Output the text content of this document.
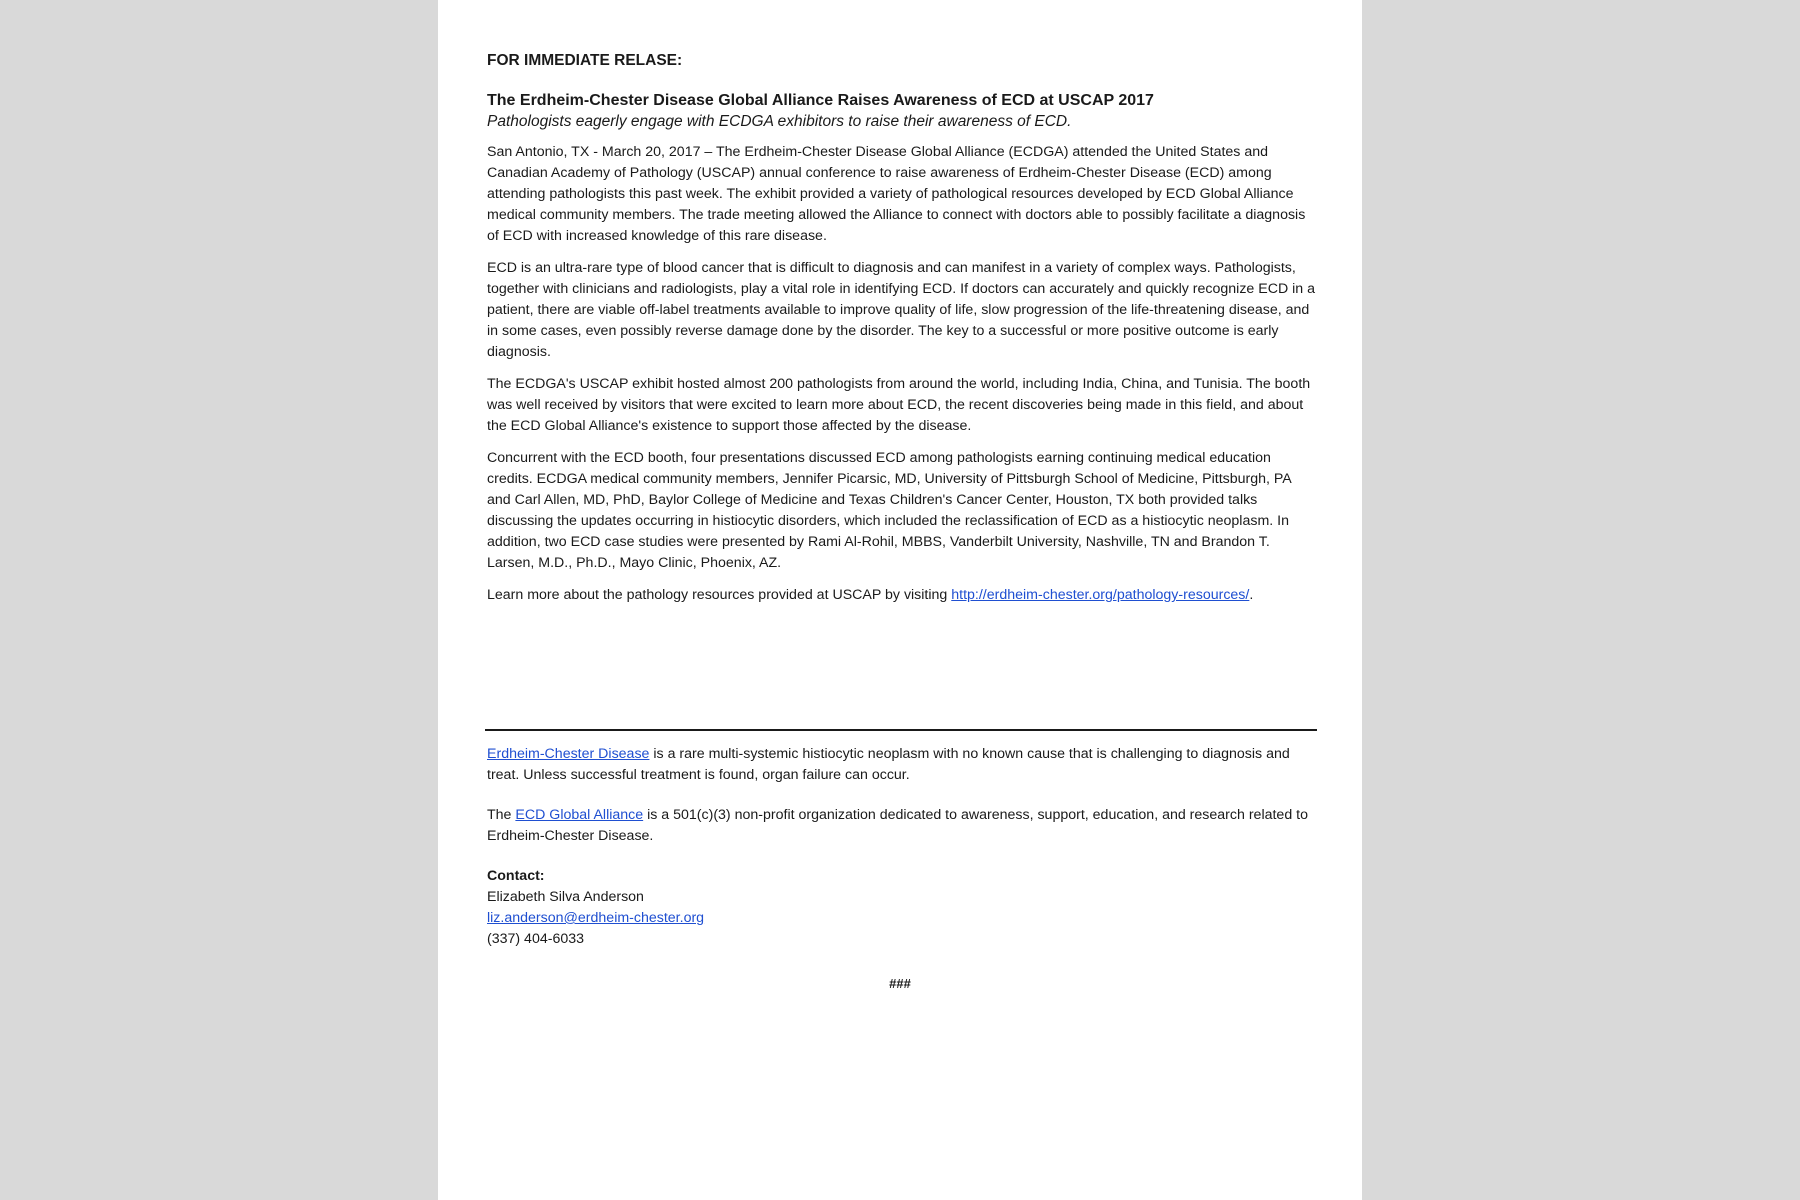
FOR IMMEDIATE RELASE:

The Erdheim-Chester Disease Global Alliance Raises Awareness of ECD at USCAP 2017

Pathologists eagerly engage with ECDGA exhibitors to raise their awareness of ECD.

San Antonio, TX - March 20, 2017 – The Erdheim-Chester Disease Global Alliance (ECDGA) attended the United States and Canadian Academy of Pathology (USCAP) annual conference to raise awareness of Erdheim-Chester Disease (ECD) among attending pathologists this past week. The exhibit provided a variety of pathological resources developed by ECD Global Alliance medical community members. The trade meeting allowed the Alliance to connect with doctors able to possibly facilitate a diagnosis of ECD with increased knowledge of this rare disease.

ECD is an ultra-rare type of blood cancer that is difficult to diagnosis and can manifest in a variety of complex ways. Pathologists, together with clinicians and radiologists, play a vital role in identifying ECD. If doctors can accurately and quickly recognize ECD in a patient, there are viable off-label treatments available to improve quality of life, slow progression of the life-threatening disease, and in some cases, even possibly reverse damage done by the disorder. The key to a successful or more positive outcome is early diagnosis.

The ECDGA's USCAP exhibit hosted almost 200 pathologists from around the world, including India, China, and Tunisia. The booth was well received by visitors that were excited to learn more about ECD, the recent discoveries being made in this field, and about the ECD Global Alliance's existence to support those affected by the disease.

Concurrent with the ECD booth, four presentations discussed ECD among pathologists earning continuing medical education credits. ECDGA medical community members, Jennifer Picarsic, MD, University of Pittsburgh School of Medicine, Pittsburgh, PA and Carl Allen, MD, PhD, Baylor College of Medicine and Texas Children's Cancer Center, Houston, TX both provided talks discussing the updates occurring in histiocytic disorders, which included the reclassification of ECD as a histiocytic neoplasm. In addition, two ECD case studies were presented by Rami Al-Rohil, MBBS, Vanderbilt University, Nashville, TN and Brandon T. Larsen, M.D., Ph.D., Mayo Clinic, Phoenix, AZ.

Learn more about the pathology resources provided at USCAP by visiting http://erdheim-chester.org/pathology-resources/.

Erdheim-Chester Disease is a rare multi-systemic histiocytic neoplasm with no known cause that is challenging to diagnosis and treat. Unless successful treatment is found, organ failure can occur.

The ECD Global Alliance is a 501(c)(3) non-profit organization dedicated to awareness, support, education, and research related to Erdheim-Chester Disease.

Contact:
Elizabeth Silva Anderson
liz.anderson@erdheim-chester.org
(337) 404-6033
###
